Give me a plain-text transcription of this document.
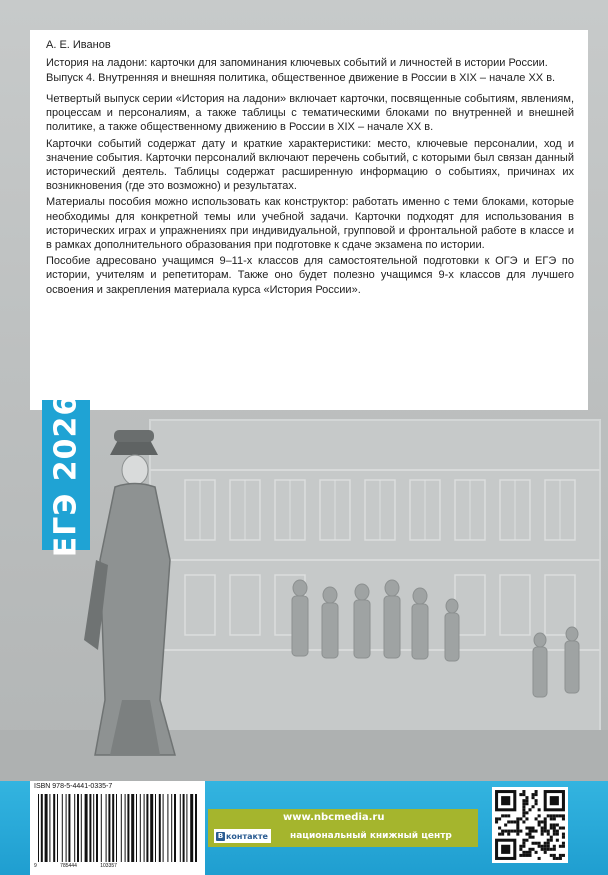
А. Е. Иванов

История на ладони: карточки для запоминания ключевых событий и личностей в истории России. Выпуск 4. Внутренняя и внешняя политика, общественное движение в России в XIX – начале XX в.

Четвертый выпуск серии «История на ладони» включает карточки, посвященные событиям, явлениям, процессам и персоналиям, а также таблицы с тематическими блоками по внутренней и внешней политике, а также общественному движению в России в XIX – начале XX в.

Карточки событий содержат дату и краткие характеристики: место, ключевые персоналии, ход и значение события. Карточки персоналий включают перечень событий, с которыми был связан данный исторический деятель. Таблицы содержат расширенную информацию о событиях, причинах их возникновения (где это возможно) и результатах.

Материалы пособия можно использовать как конструктор: работать именно с теми блоками, которые необходимы для конкретной темы или учебной задачи. Карточки подходят для использования в исторических играх и упражнениях при индивидуальной, групповой и фронтальной работе в классе и в рамках дополнительного образования при подготовке к сдаче экзамена по истории.

Пособие адресовано учащимся 9–11-х классов для самостоятельной подготовки к ОГЭ и ЕГЭ по истории, учителям и репетиторам. Также оно будет полезно учащимся 9-х классов для лучшего освоения и закрепления материала курса «История России».

ЕГЭ 2026
ISBN 978-5-4441-0335-7
9 785444 103357
www.nbcmedia.ru
В контакте национальный книжный центр
